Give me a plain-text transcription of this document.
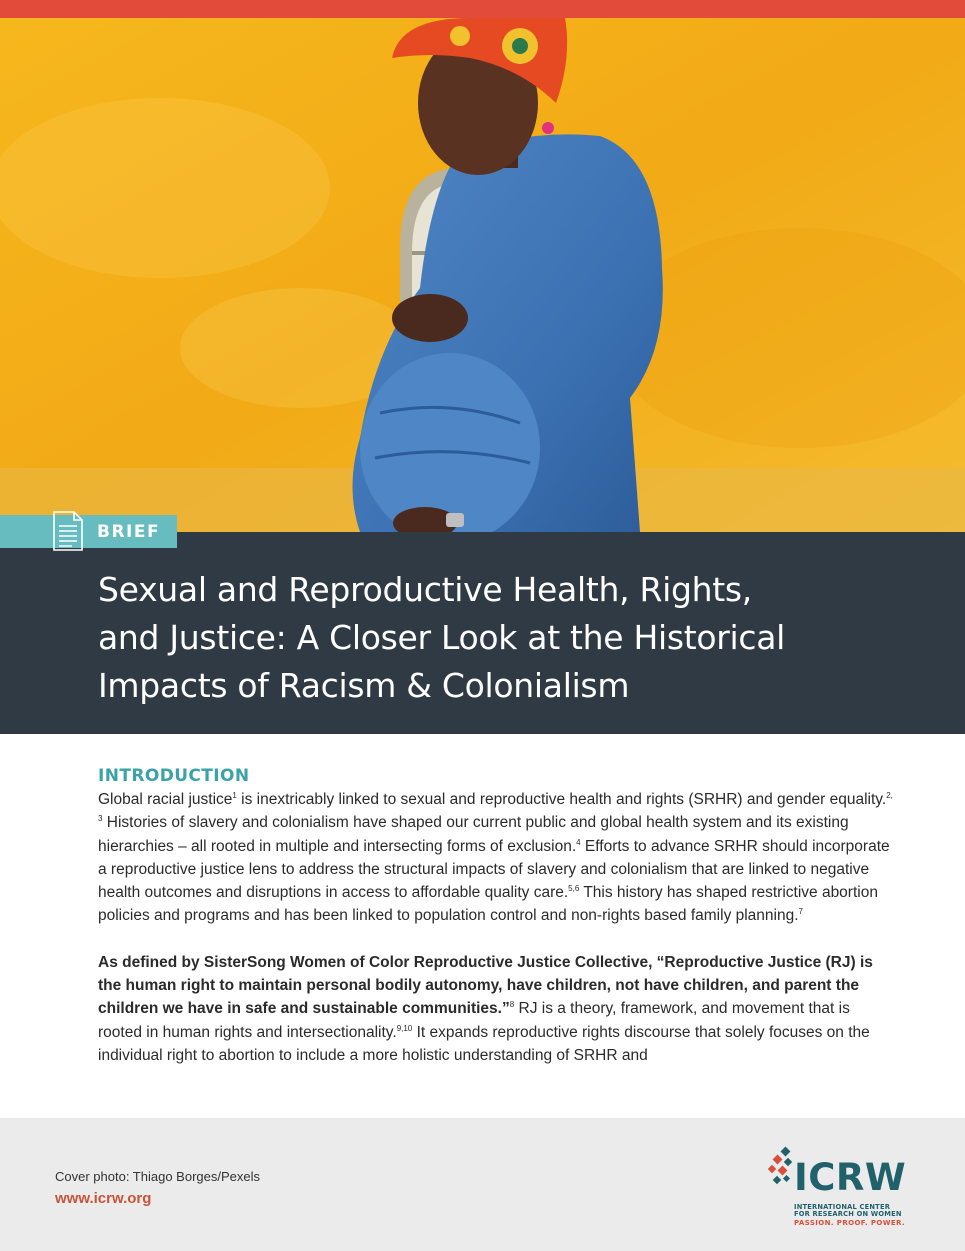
BRIEF
Sexual and Reproductive Health, Rights,
and Justice: A Closer Look at the Historical
Impacts of Racism & Colonialism
INTRODUCTION

Global racial justice$^1$ is inextricably linked to sexual and reproductive health and rights (SRHR) and gender equality.$^{2, 3}$ Histories of slavery and colonialism have shaped our current public and global health system and its existing hierarchies – all rooted in multiple and intersecting forms of exclusion.$^4$ Efforts to advance SRHR should incorporate a reproductive justice lens to address the structural impacts of slavery and colonialism that are linked to negative health outcomes and disruptions in access to affordable quality care.$^{5,6}$ This history has shaped restrictive abortion policies and programs and has been linked to population control and non-rights based family planning.$^7$

As defined by SisterSong Women of Color Reproductive Justice Collective, “Reproductive Justice (RJ) is the human right to maintain personal bodily autonomy, have children, not have children, and parent the children we have in safe and sustainable communities.”$^8$ RJ is a theory, framework, and movement that is rooted in human rights and intersectionality.$^{9,10}$ It expands reproductive rights discourse that solely focuses on the individual right to abortion to include a more holistic understanding of SRHR and

Cover photo: Thiago Borges/Pexels
www.icrw.org	ICRW
INTERNATIONAL CENTER
FOR RESEARCH ON WOMEN
PASSION. PROOF. POWER.
